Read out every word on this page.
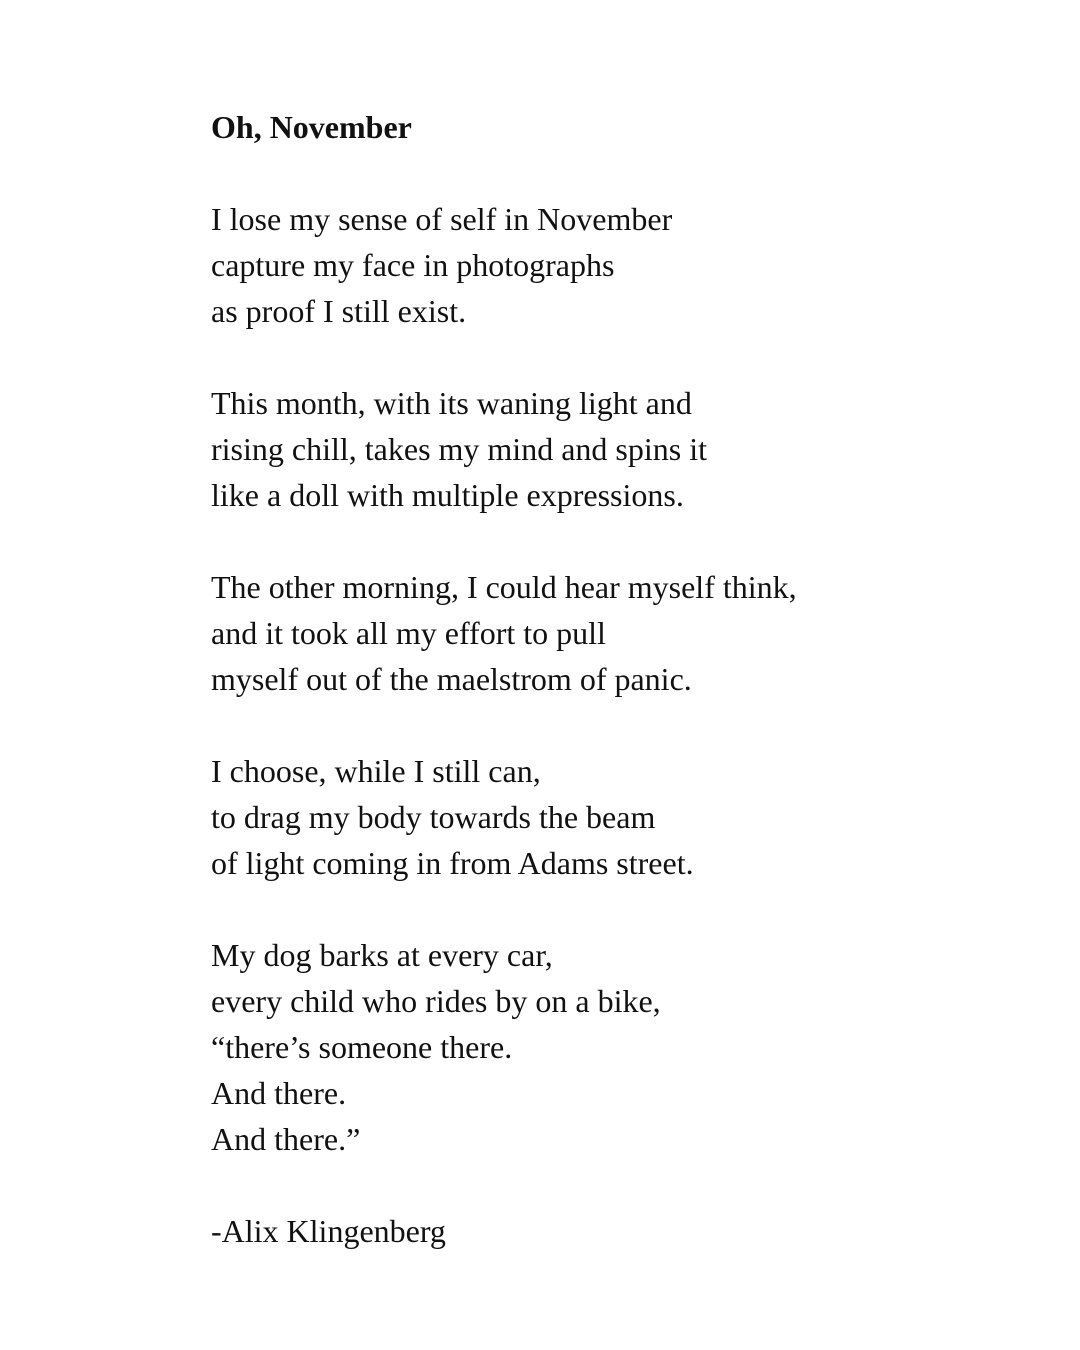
Oh, November
I lose my sense of self in November
capture my face in photographs
as proof I still exist.
This month, with its waning light and
rising chill, takes my mind and spins it
like a doll with multiple expressions.
The other morning, I could hear myself think,
and it took all my effort to pull
myself out of the maelstrom of panic.
I choose, while I still can,
to drag my body towards the beam
of light coming in from Adams street.
My dog barks at every car,
every child who rides by on a bike,
“there’s someone there.
And there.
And there.”

-Alix Klingenberg
